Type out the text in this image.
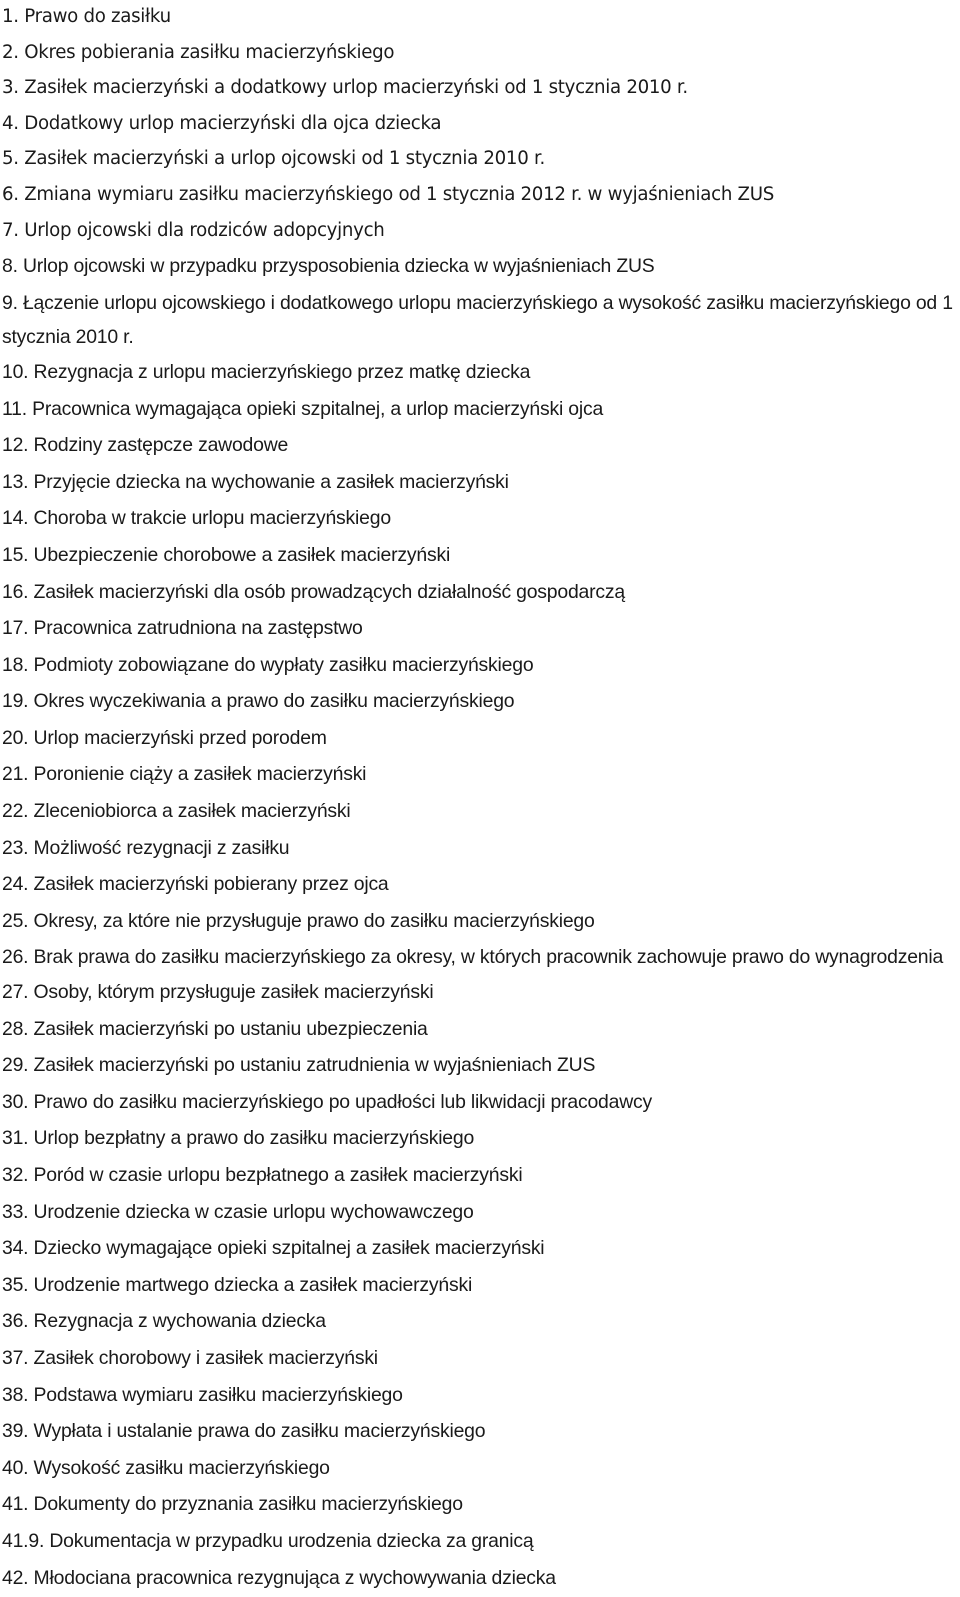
1. Prawo do zasiłku
2. Okres pobierania zasiłku macierzyńskiego
3. Zasiłek macierzyński a dodatkowy urlop macierzyński od 1 stycznia 2010 r.
4. Dodatkowy urlop macierzyński dla ojca dziecka
5. Zasiłek macierzyński a urlop ojcowski od 1 stycznia 2010 r.
6. Zmiana wymiaru zasiłku macierzyńskiego od 1 stycznia 2012 r. w wyjaśnieniach ZUS
7. Urlop ojcowski dla rodziców adopcyjnych
8. Urlop ojcowski w przypadku przysposobienia dziecka w wyjaśnieniach ZUS
9. Łączenie urlopu ojcowskiego i dodatkowego urlopu macierzyńskiego a wysokość zasiłku macierzyńskiego od 1 stycznia 2010 r.
10. Rezygnacja z urlopu macierzyńskiego przez matkę dziecka
11. Pracownica wymagająca opieki szpitalnej, a urlop macierzyński ojca
12. Rodziny zastępcze zawodowe
13. Przyjęcie dziecka na wychowanie a zasiłek macierzyński
14. Choroba w trakcie urlopu macierzyńskiego
15. Ubezpieczenie chorobowe a zasiłek macierzyński
16. Zasiłek macierzyński dla osób prowadzących działalność gospodarczą
17. Pracownica zatrudniona na zastępstwo
18. Podmioty zobowiązane do wypłaty zasiłku macierzyńskiego
19. Okres wyczekiwania a prawo do zasiłku macierzyńskiego
20. Urlop macierzyński przed porodem
21. Poronienie ciąży a zasiłek macierzyński
22. Zleceniobiorca a zasiłek macierzyński
23. Możliwość rezygnacji z zasiłku
24. Zasiłek macierzyński pobierany przez ojca
25. Okresy, za które nie przysługuje prawo do zasiłku macierzyńskiego
26. Brak prawa do zasiłku macierzyńskiego za okresy, w których pracownik zachowuje prawo do wynagrodzenia
27. Osoby, którym przysługuje zasiłek macierzyński
28. Zasiłek macierzyński po ustaniu ubezpieczenia
29. Zasiłek macierzyński po ustaniu zatrudnienia w wyjaśnieniach ZUS
30. Prawo do zasiłku macierzyńskiego po upadłości lub likwidacji pracodawcy
31. Urlop bezpłatny a prawo do zasiłku macierzyńskiego
32. Poród w czasie urlopu bezpłatnego a zasiłek macierzyński
33. Urodzenie dziecka w czasie urlopu wychowawczego
34. Dziecko wymagające opieki szpitalnej a zasiłek macierzyński
35. Urodzenie martwego dziecka a zasiłek macierzyński
36. Rezygnacja z wychowania dziecka
37. Zasiłek chorobowy i zasiłek macierzyński
38. Podstawa wymiaru zasiłku macierzyńskiego
39. Wypłata i ustalanie prawa do zasiłku macierzyńskiego
40. Wysokość zasiłku macierzyńskiego
41. Dokumenty do przyznania zasiłku macierzyńskiego
41.9. Dokumentacja w przypadku urodzenia dziecka za granicą
42. Młodociana pracownica rezygnująca z wychowywania dziecka
